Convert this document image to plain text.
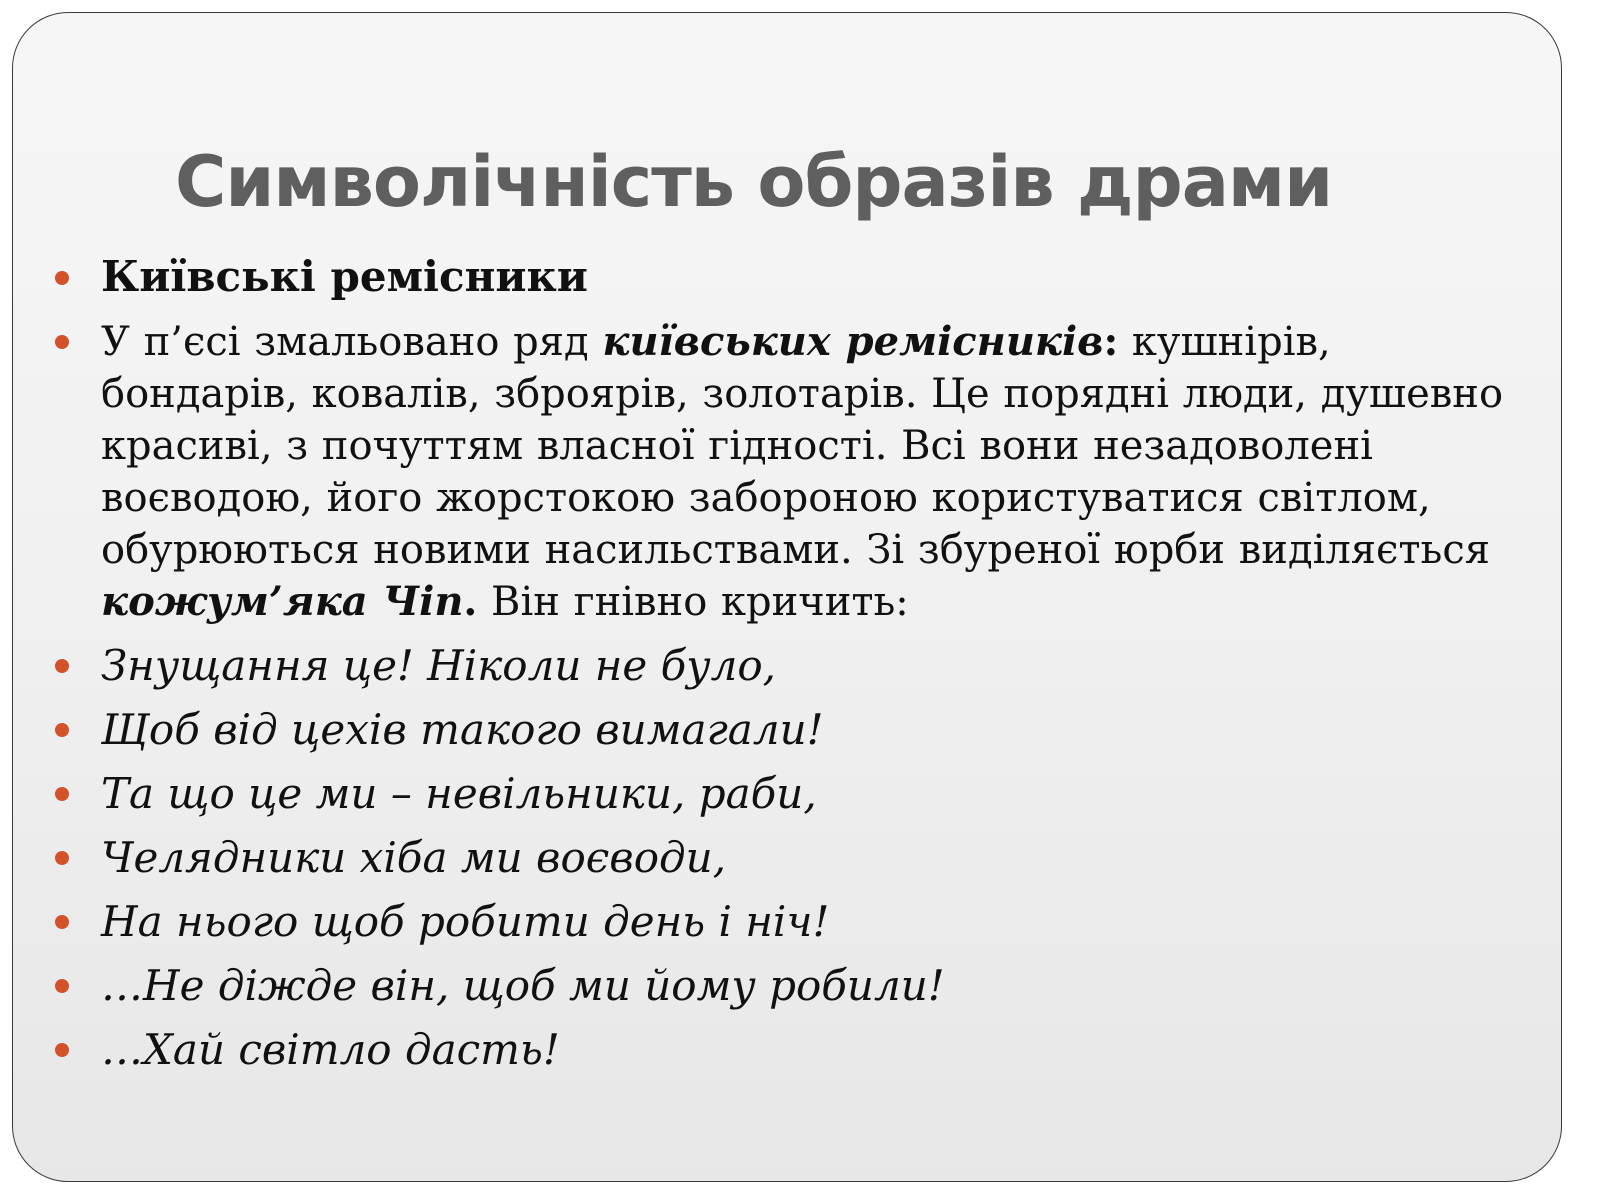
Символічність образів драми
Київські ремісники
У п’єсі змальовано ряд київських ремісників: кушнірів, бондарів, ковалів, зброярів, золотарів. Це порядні люди, душевно красиві, з почуттям власної гідності. Всі вони незадоволені воєводою, його жорстокою забороною користуватися світлом, обурюються новими насильствами. Зі збуреної юрби виділяється кожум’яка Чіп. Він гнівно кричить:
Знущання це! Ніколи не було,
Щоб від цехів такого вимагали!
Та що це ми – невільники, раби,
Челядники хіба ми воєводи,
На нього щоб робити день і ніч!
…Не дiжде він, щоб ми йому робили!
…Хай світло дасть!
